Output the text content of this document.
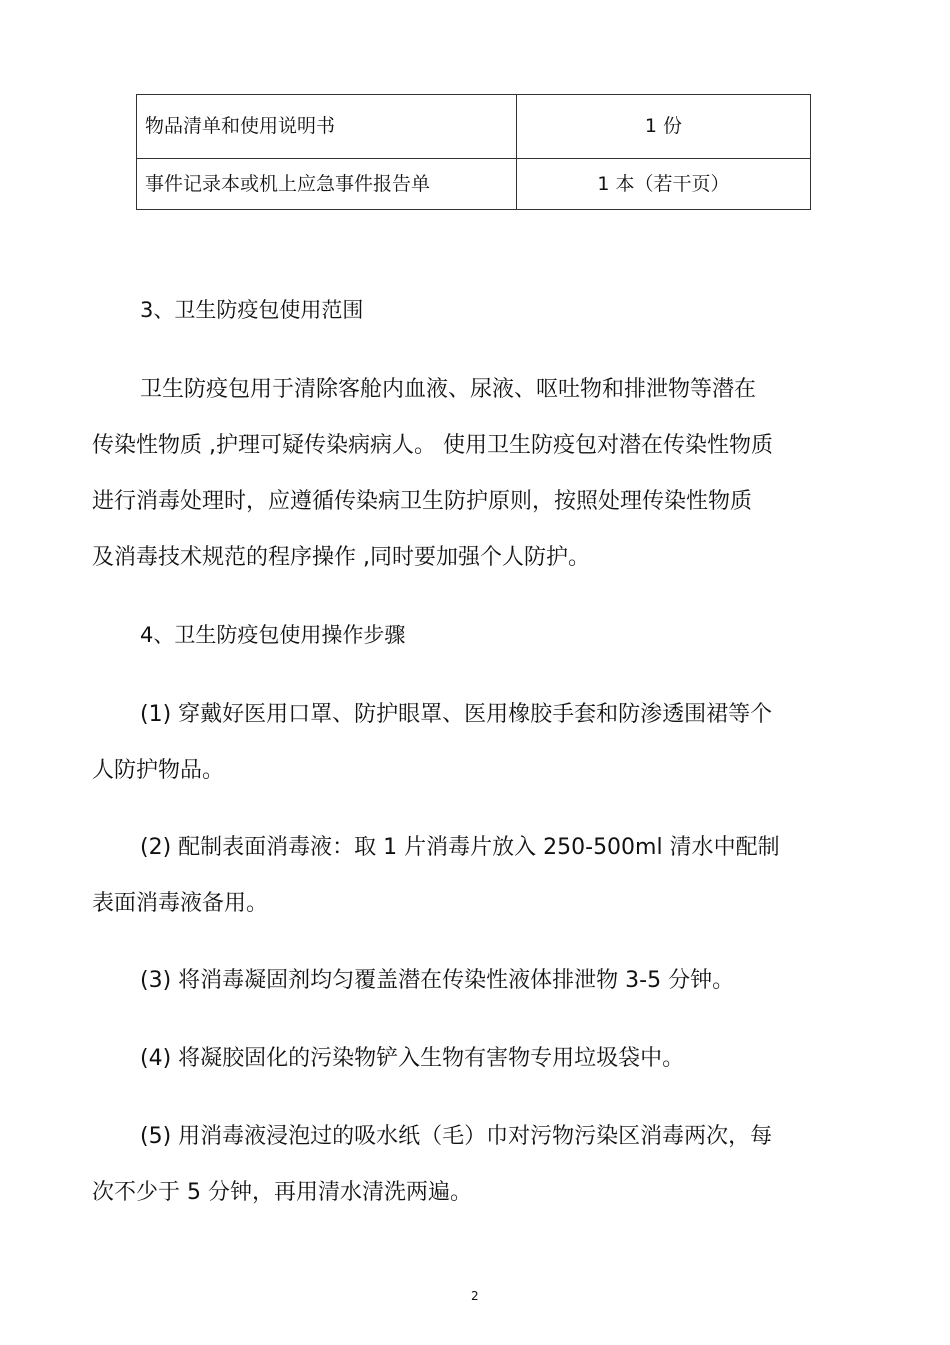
物品清单和使用说明书	1 份
事件记录本或机上应急事件报告单	1 本（若干页）
3、卫生防疫包使用范围
卫生防疫包用于清除客舱内血液、尿液、呕吐物和排泄物等潜在
传染性物质 ,护理可疑传染病病人。 使用卫生防疫包对潜在传染性物质
进行消毒处理时，应遵循传染病卫生防护原则，按照处理传染性物质
及消毒技术规范的程序操作 ,同时要加强个人防护。
4、卫生防疫包使用操作步骤
(1) 穿戴好医用口罩、防护眼罩、医用橡胶手套和防渗透围裙等个
人防护物品。
(2) 配制表面消毒液：取 1 片消毒片放入 250-500ml 清水中配制
表面消毒液备用。
(3) 将消毒凝固剂均匀覆盖潜在传染性液体排泄物 3-5 分钟。
(4) 将凝胶固化的污染物铲入生物有害物专用垃圾袋中。
(5) 用消毒液浸泡过的吸水纸（毛）巾对污物污染区消毒两次，每
次不少于 5 分钟，再用清水清洗两遍。
2
